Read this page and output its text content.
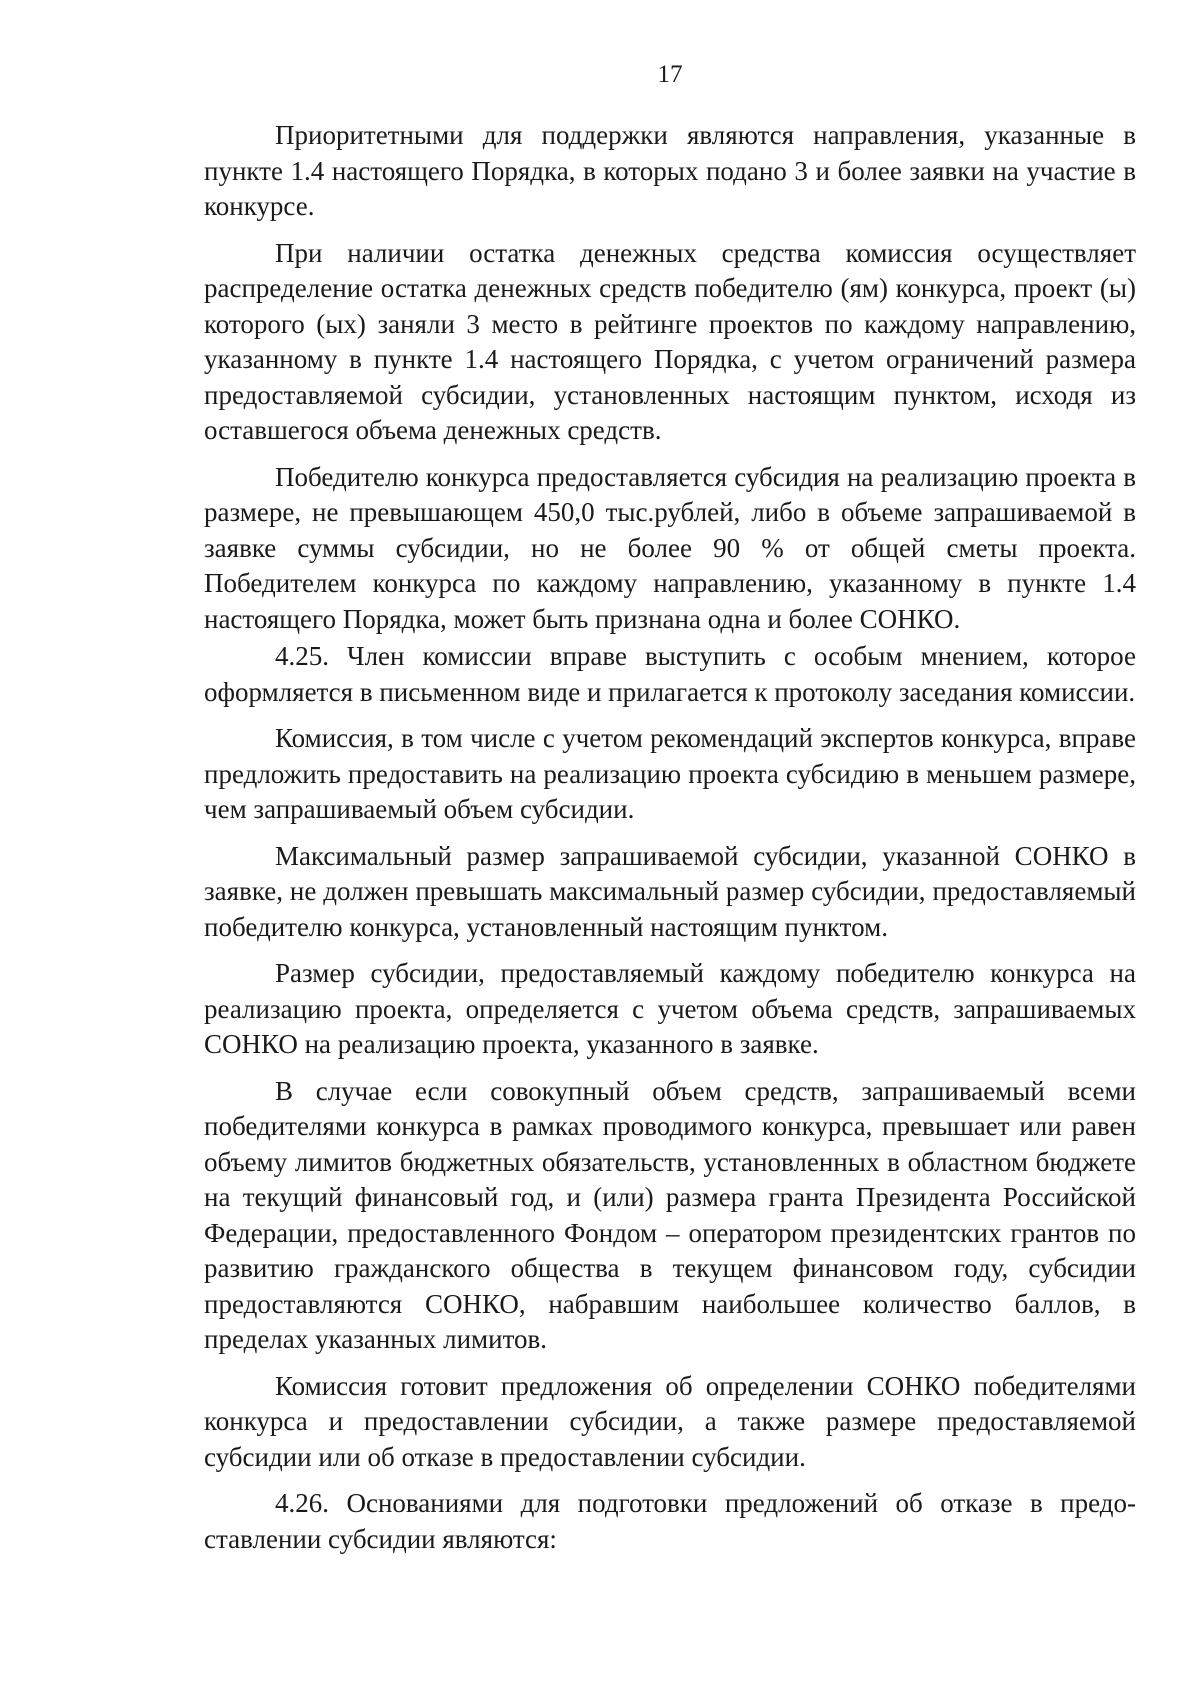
17

Приоритетными для поддержки являются направления, указанные в пункте 1.4 настоящего Порядка, в которых подано 3 и более заявки на участие в конкурсе.

При наличии остатка денежных средства комиссия осуществляет распределение остатка денежных средств победителю (ям) конкурса, проект (ы) которого (ых) заняли 3 место в рейтинге проектов по каждому направлению, указанному в пункте 1.4 настоящего Порядка, с учетом ограничений размера предоставляемой субсидии, установленных настоящим пунктом, исходя из оставшегося объема денежных средств.

Победителю конкурса предоставляется субсидия на реализацию проекта в размере, не превышающем 450,0 тыс.рублей, либо в объеме запрашиваемой в заявке суммы субсидии, но не более 90 % от общей сметы проекта. Победителем конкурса по каждому направлению, указанному в пункте 1.4 настоящего Порядка, может быть признана одна и более СОНКО.

4.25. Член комиссии вправе выступить с особым мнением, которое оформляется в письменном виде и прилагается к протоколу заседания комиссии.

Комиссия, в том числе с учетом рекомендаций экспертов конкурса, вправе предложить предоставить на реализацию проекта субсидию в меньшем размере, чем запрашиваемый объем субсидии.

Максимальный размер запрашиваемой субсидии, указанной СОНКО в заявке, не должен превышать максимальный размер субсидии, предоставляемый победителю конкурса, установленный настоящим пунктом.

Размер субсидии, предоставляемый каждому победителю конкурса на реализацию проекта, определяется с учетом объема средств, запрашиваемых СОНКО на реализацию проекта, указанного в заявке.

В случае если совокупный объем средств, запрашиваемый всеми победителями конкурса в рамках проводимого конкурса, превышает или равен объему лимитов бюджетных обязательств, установленных в областном бюджете на текущий финансовый год, и (или) размера гранта Президента Российской Федерации, предоставленного Фондом – оператором президентских грантов по развитию гражданского общества в текущем финансовом году, субсидии предоставляются СОНКО, набравшим наибольшее количество баллов, в пределах указанных лимитов.

Комиссия готовит предложения об определении СОНКО победителями конкурса и предоставлении субсидии, а также размере предоставляемой субсидии или об отказе в предоставлении субсидии.

4.26. Основаниями для подготовки предложений об отказе в предоставлении субсидии являются:
